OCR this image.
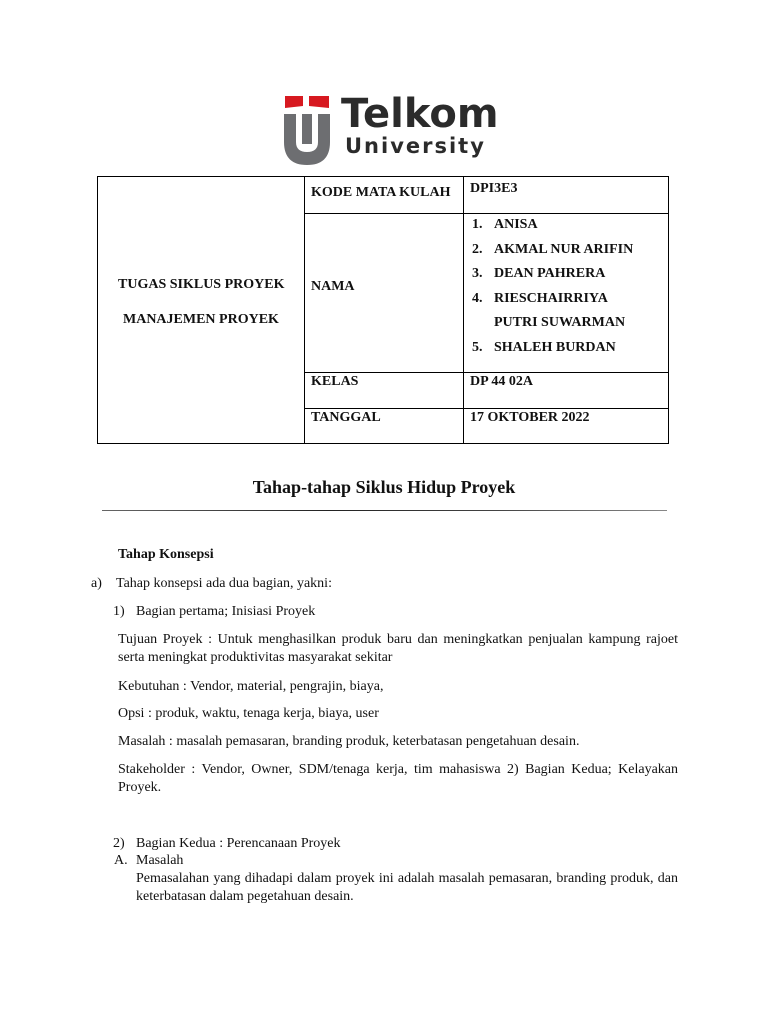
Telkom
University
TUGAS SIKLUS PROYEK
MANAJEMEN PROYEK
KODE MATA KULAH DPI3E3
NAMA
1. ANISA
2. AKMAL NUR ARIFIN
3. DEAN PAHRERA
4. RIESCHAIRRIYA
PUTRI SUWARMAN
5. SHALEH BURDAN
KELAS	DP 44 02A
TANGGAL	17 OKTOBER 2022
Tahap-tahap Siklus Hidup Proyek
Tahap Konsepsi
a) Tahap konsepsi ada dua bagian, yakni:
1) Bagian pertama; Inisiasi Proyek
Tujuan Proyek : Untuk menghasilkan produk baru dan meningkatkan penjualan kampung rajoet serta meningkat produktivitas masyarakat sekitar
Kebutuhan : Vendor, material, pengrajin, biaya,
Opsi : produk, waktu, tenaga kerja, biaya, user
Masalah : masalah pemasaran, branding produk, keterbatasan pengetahuan desain.
Stakeholder : Vendor, Owner, SDM/tenaga kerja, tim mahasiswa 2) Bagian Kedua; Kelayakan Proyek.
2) Bagian Kedua : Perencanaan Proyek
A. Masalah
Pemasalahan yang dihadapi dalam proyek ini adalah masalah pemasaran, branding produk, dan keterbatasan dalam pegetahuan desain.
